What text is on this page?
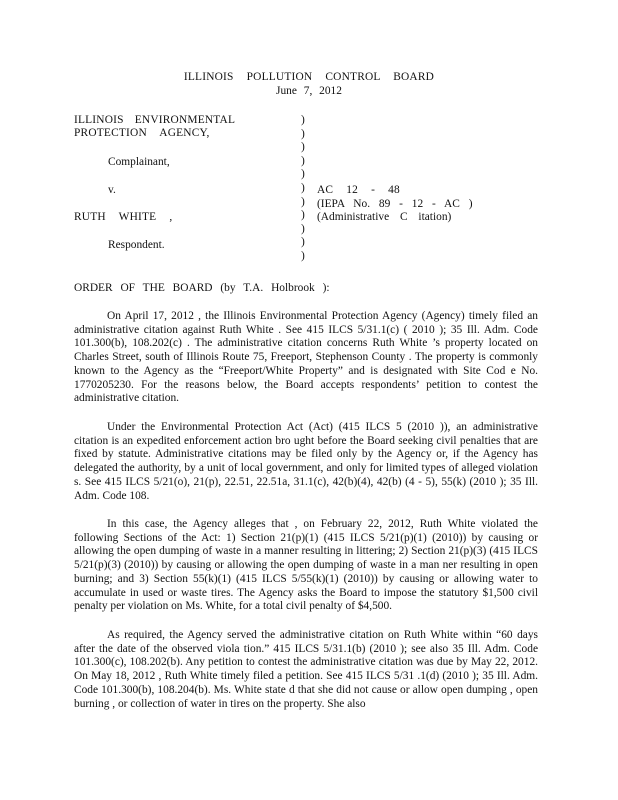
ILLINOIS POLLUTION CONTROL BOARD
June 7, 2012
ILLINOIS ENVIRONMENTAL
PROTECTION AGENCY,
Complainant,
v.
RUTH WHITE ,
Respondent.
)
)
)
)
)
)
)
)
)
)
)
AC 12 - 48
(IEPA No. 89 - 12 - AC )
(Administrative C itation)
ORDER OF THE BOARD (by T.A. Holbrook ):

On April 17, 2012 , the Illinois Environmental Protection Agency (Agency) timely filed an administrative citation against Ruth White . See 415 ILCS 5/31.1(c) ( 2010 ); 35 Ill. Adm. Code 101.300(b), 108.202(c) . The administrative citation concerns Ruth White ’s property located on Charles Street, south of Illinois Route 75, Freeport, Stephenson County . The property is commonly known to the Agency as the “Freeport/White Property” and is designated with Site Cod e No. 1770205230. For the reasons below, the Board accepts respondents’ petition to contest the administrative citation.

Under the Environmental Protection Act (Act) (415 ILCS 5 (2010 )), an administrative citation is an expedited enforcement action bro ught before the Board seeking civil penalties that are fixed by statute. Administrative citations may be filed only by the Agency or, if the Agency has delegated the authority, by a unit of local government, and only for limited types of alleged violation s. See 415 ILCS 5/21(o), 21(p), 22.51, 22.51a, 31.1(c), 42(b)(4), 42(b) (4 - 5), 55(k) (2010 ); 35 Ill. Adm. Code 108.

In this case, the Agency alleges that , on February 22, 2012, Ruth White violated the following Sections of the Act: 1) Section 21(p)(1) (415 ILCS 5/21(p)(1) (2010)) by causing or allowing the open dumping of waste in a manner resulting in littering; 2) Section 21(p)(3) (415 ILCS 5/21(p)(3) (2010)) by causing or allowing the open dumping of waste in a man ner resulting in open burning; and 3) Section 55(k)(1) (415 ILCS 5/55(k)(1) (2010)) by causing or allowing water to accumulate in used or waste tires. The Agency asks the Board to impose the statutory $1,500 civil penalty per violation on Ms. White, for a total civil penalty of $4,500.

As required, the Agency served the administrative citation on Ruth White within “60 days after the date of the observed viola tion.” 415 ILCS 5/31.1(b) (2010 ); see also 35 Ill. Adm. Code 101.300(c), 108.202(b). Any petition to contest the administrative citation was due by May 22, 2012. On May 18, 2012 , Ruth White timely filed a petition. See 415 ILCS 5/31 .1(d) (2010 ); 35 Ill. Adm. Code 101.300(b), 108.204(b). Ms. White state d that she did not cause or allow open dumping , open burning , or collection of water in tires on the property. She also
